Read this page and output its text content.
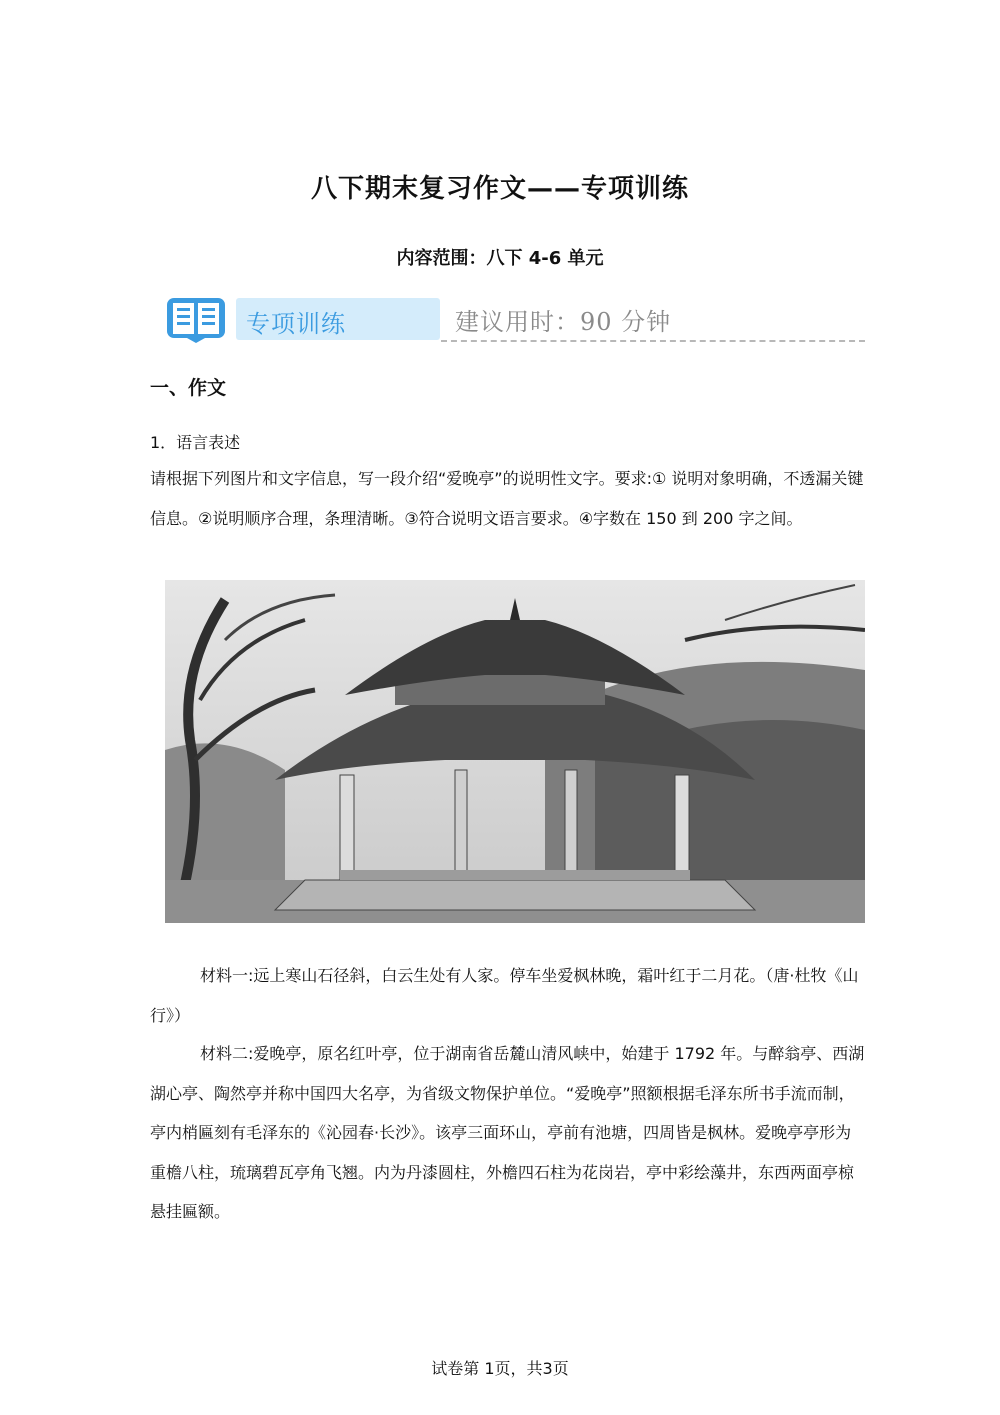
八下期末复习作文——专项训练
内容范围：八下 4-6 单元
专项训练	建议用时：90 分钟
一、作文
1．语言表述
请根据下列图片和文字信息，写一段介绍“爱晚亭”的说明性文字。要求:① 说明对象明确，不透漏关键信息。②说明顺序合理，条理清晰。③符合说明文语言要求。④字数在 150 到 200 字之间。
材料一:远上寒山石径斜，白云生处有人家。停车坐爱枫林晚，霜叶红于二月花。（唐·杜牧《山行》）
材料二:爱晚亭，原名红叶亭，位于湖南省岳麓山清风峡中，始建于 1792 年。与醉翁亭、西湖湖心亭、陶然亭并称中国四大名亭，为省级文物保护单位。“爱晚亭”照额根据毛泽东所书手流而制，亭内梢匾刻有毛泽东的《沁园春·长沙》。该亭三面环山，亭前有池塘，四周皆是枫林。爱晚亭亭形为重檐八柱，琉璃碧瓦亭角飞翘。内为丹漆圆柱，外檐四石柱为花岗岩，亭中彩绘藻井，东西两面亭椋悬挂匾额。
试卷第 1页，共3页
